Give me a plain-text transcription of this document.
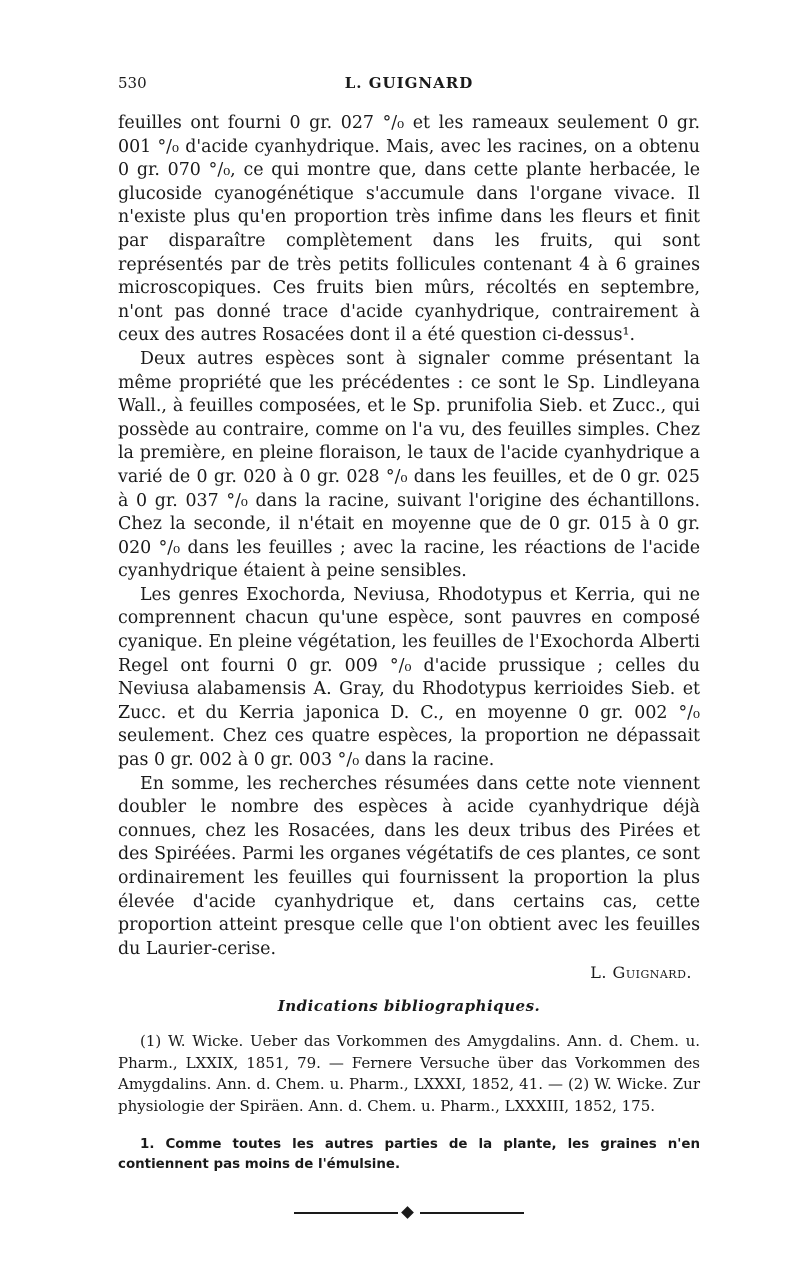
530	L. GUIGNARD

feuilles ont fourni 0 gr. 027 °/₀ et les rameaux seulement 0 gr. 001 °/₀ d'acide cyanhydrique. Mais, avec les racines, on a obtenu 0 gr. 070 °/₀, ce qui montre que, dans cette plante herbacée, le glucoside cyanogénétique s'accumule dans l'organe vivace. Il n'existe plus qu'en proportion très infime dans les fleurs et finit par disparaître complètement dans les fruits, qui sont représentés par de très petits follicules contenant 4 à 6 graines microscopiques. Ces fruits bien mûrs, récoltés en septembre, n'ont pas donné trace d'acide cyanhydrique, contrairement à ceux des autres Rosacées dont il a été question ci-dessus¹.

Deux autres espèces sont à signaler comme présentant la même propriété que les précédentes : ce sont le Sp. Lindleyana Wall., à feuilles composées, et le Sp. prunifolia Sieb. et Zucc., qui possède au contraire, comme on l'a vu, des feuilles simples. Chez la première, en pleine floraison, le taux de l'acide cyanhydrique a varié de 0 gr. 020 à 0 gr. 028 °/₀ dans les feuilles, et de 0 gr. 025 à 0 gr. 037 °/₀ dans la racine, suivant l'origine des échantillons. Chez la seconde, il n'était en moyenne que de 0 gr. 015 à 0 gr. 020 °/₀ dans les feuilles ; avec la racine, les réactions de l'acide cyanhydrique étaient à peine sensibles.

Les genres Exochorda, Neviusa, Rhodotypus et Kerria, qui ne comprennent chacun qu'une espèce, sont pauvres en composé cyanique. En pleine végétation, les feuilles de l'Exochorda Alberti Regel ont fourni 0 gr. 009 °/₀ d'acide prussique ; celles du Neviusa alabamensis A. Gray, du Rhodotypus kerrioides Sieb. et Zucc. et du Kerria japonica D. C., en moyenne 0 gr. 002 °/₀ seulement. Chez ces quatre espèces, la proportion ne dépassait pas 0 gr. 002 à 0 gr. 003 °/₀ dans la racine.

En somme, les recherches résumées dans cette note viennent doubler le nombre des espèces à acide cyanhydrique déjà connues, chez les Rosacées, dans les deux tribus des Pirées et des Spiréées. Parmi les organes végétatifs de ces plantes, ce sont ordinairement les feuilles qui fournissent la proportion la plus élevée d'acide cyanhydrique et, dans certains cas, cette proportion atteint presque celle que l'on obtient avec les feuilles du Laurier-cerise.

L. Guignard.

Indications bibliographiques.

(1) W. Wicke. Ueber das Vorkommen des Amygdalins. Ann. d. Chem. u. Pharm., LXXIX, 1851, 79. — Fernere Versuche über das Vorkommen des Amygdalins. Ann. d. Chem. u. Pharm., LXXXI, 1852, 41. — (2) W. Wicke. Zur physiologie der Spiräen. Ann. d. Chem. u. Pharm., LXXXIII, 1852, 175.

1. Comme toutes les autres parties de la plante, les graines n'en contiennent pas moins de l'émulsine.
